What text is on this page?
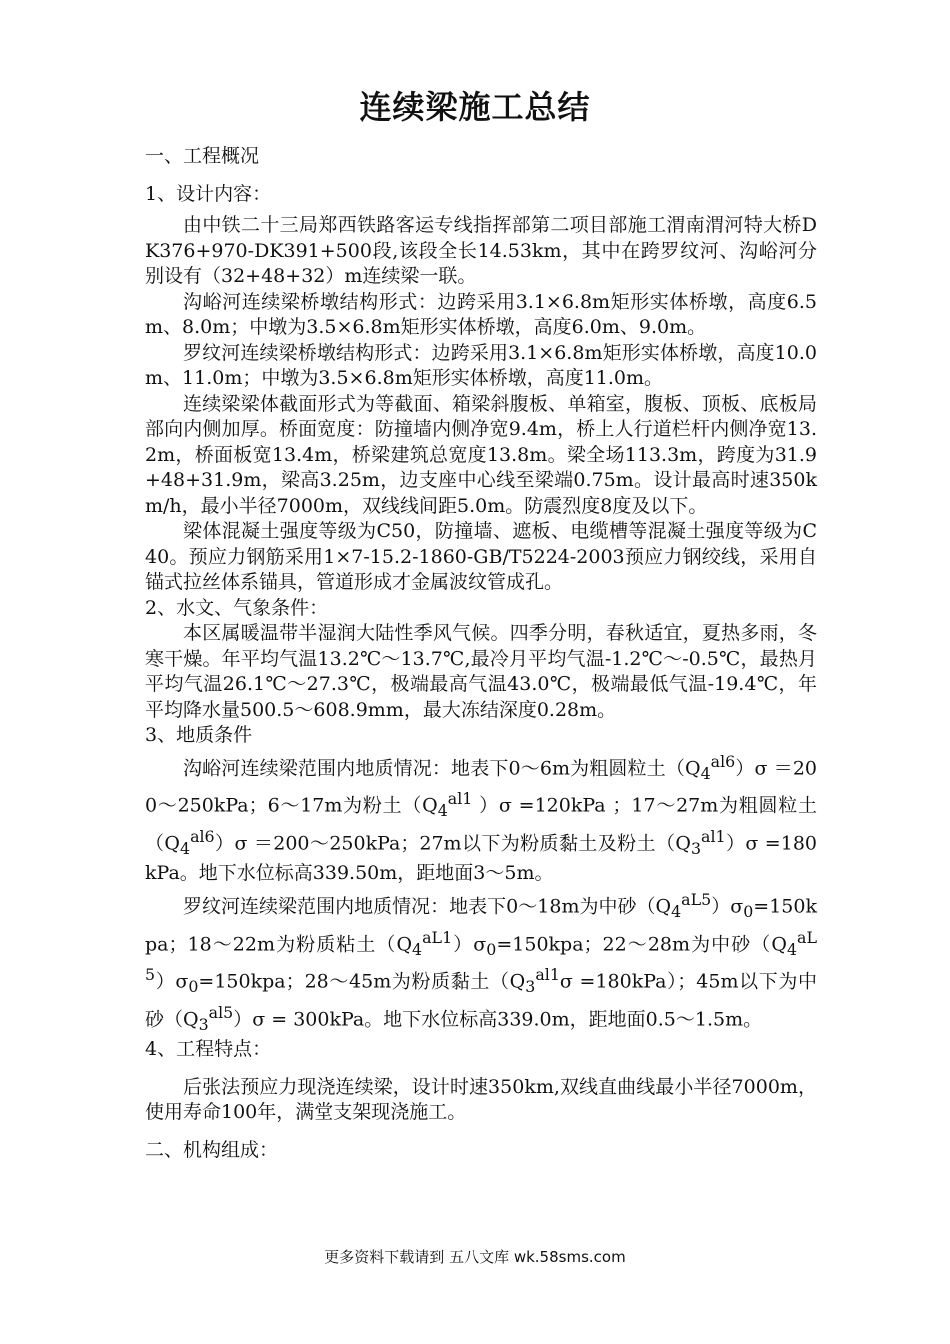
连续梁施工总结

一、工程概况

1、设计内容：

由中铁二十三局郑西铁路客运专线指挥部第二项目部施工渭南渭河特大桥DK376+970-DK391+500段,该段全长14.53km，其中在跨罗纹河、沟峪河分别设有（32+48+32）m连续梁一联。

沟峪河连续梁桥墩结构形式：边跨采用3.1×6.8m矩形实体桥墩，高度6.5m、8.0m；中墩为3.5×6.8m矩形实体桥墩，高度6.0m、9.0m。

罗纹河连续梁桥墩结构形式：边跨采用3.1×6.8m矩形实体桥墩，高度10.0m、11.0m；中墩为3.5×6.8m矩形实体桥墩，高度11.0m。

连续梁梁体截面形式为等截面、箱梁斜腹板、单箱室，腹板、顶板、底板局部向内侧加厚。桥面宽度：防撞墙内侧净宽9.4m，桥上人行道栏杆内侧净宽13.2m，桥面板宽13.4m，桥梁建筑总宽度13.8m。梁全场113.3m，跨度为31.9+48+31.9m，梁高3.25m，边支座中心线至梁端0.75m。设计最高时速350km/h，最小半径7000m，双线线间距5.0m。防震烈度8度及以下。

梁体混凝土强度等级为C50，防撞墙、遮板、电缆槽等混凝土强度等级为C40。预应力钢筋采用1×7-15.2-1860-GB/T5224-2003预应力钢绞线，采用自锚式拉丝体系锚具，管道形成才金属波纹管成孔。

2、水文、气象条件：

本区属暖温带半湿润大陆性季风气候。四季分明，春秋适宜，夏热多雨，冬寒干燥。年平均气温13.2℃～13.7℃,最冷月平均气温-1.2℃～-0.5℃，最热月平均气温26.1℃～27.3℃，极端最高气温43.0℃，极端最低气温-19.4℃，年平均降水量500.5～608.9mm，最大冻结深度0.28m。

3、地质条件

沟峪河连续梁范围内地质情况：地表下0～6m为粗圆粒土$(Q_4^{al6})\sigma$ ＝200～250kPa；6～17m为粉土（$Q_4^{al1}$ ）σ =120kPa ；17～27m为粗圆粒土$(Q_4^{al6})\sigma$ ＝200～250kPa；27m以下为粉质黏土及粉土$(Q_3^{al1})\sigma =180kPa$。地下水位标高339.50m，距地面3～5m。

罗纹河连续梁范围内地质情况：地表下0～18m为中砂$(Q_4^{aL5})\sigma_0=150kpa$；18～22m为粉质粘土$(Q_4^{aL1})\sigma_0=150kpa$；22～28m为中砂$(Q_4^{aL5})\sigma_0=150kpa$；28～45m为粉质黏土$(Q_3^{al1}\sigma =180kPa)$；45m以下为中砂$(Q_3^{al5})\sigma = 300kPa$。地下水位标高339.0m，距地面0.5～1.5m。

4、工程特点：

后张法预应力现浇连续梁，设计时速350km,双线直曲线最小半径7000m，使用寿命100年，满堂支架现浇施工。

二、机构组成：

更多资料下载请到 五八文库 wk.58sms.com
